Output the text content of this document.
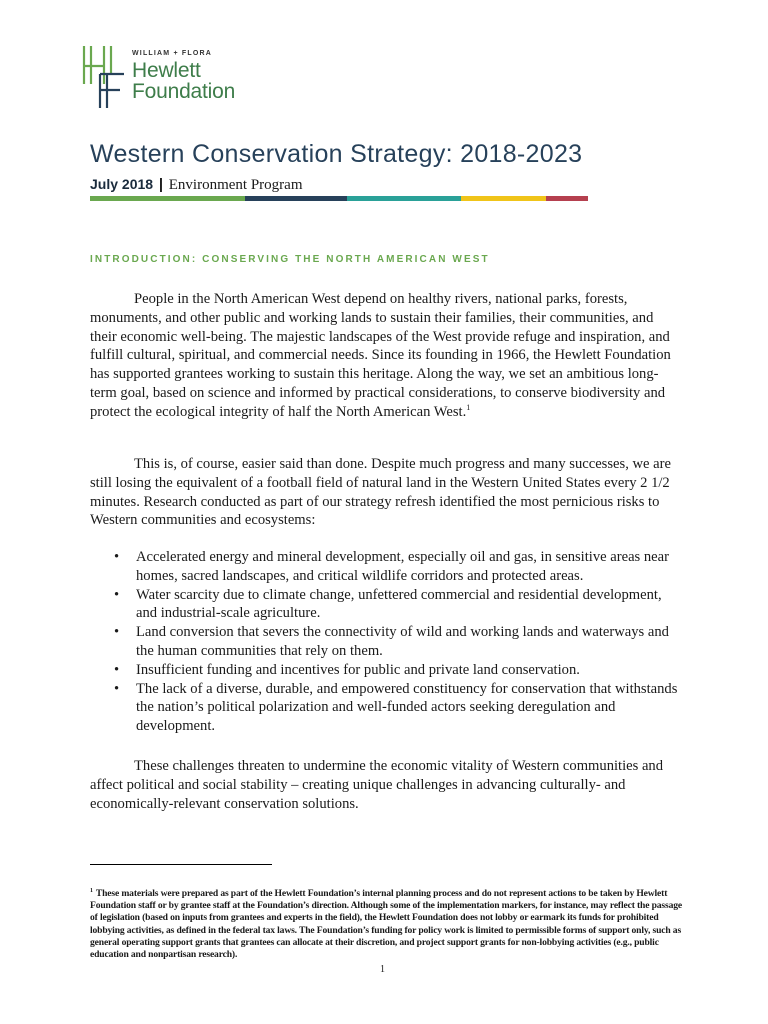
WILLIAM + FLORA
Hewlett
Foundation
Western Conservation Strategy: 2018-2023
July 2018 | Environment Program
INTRODUCTION: CONSERVING THE NORTH AMERICAN WEST

People in the North American West depend on healthy rivers, national parks, forests, monuments, and other public and working lands to sustain their families, their communities, and their economic well-being. The majestic landscapes of the West provide refuge and inspiration, and fulfill cultural, spiritual, and commercial needs. Since its founding in 1966, the Hewlett Foundation has supported grantees working to sustain this heritage. Along the way, we set an ambitious long-term goal, based on science and informed by practical considerations, to conserve biodiversity and protect the ecological integrity of half the North American West.$^1$

This is, of course, easier said than done. Despite much progress and many successes, we are still losing the equivalent of a football field of natural land in the Western United States every 2 1/2 minutes. Research conducted as part of our strategy refresh identified the most pernicious risks to Western communities and ecosystems:

• Accelerated energy and mineral development, especially oil and gas, in sensitive areas near homes, sacred landscapes, and critical wildlife corridors and protected areas.
• Water scarcity due to climate change, unfettered commercial and residential development, and industrial-scale agriculture.
• Land conversion that severs the connectivity of wild and working lands and waterways and the human communities that rely on them.
• Insufficient funding and incentives for public and private land conservation.
• The lack of a diverse, durable, and empowered constituency for conservation that withstands the nation’s political polarization and well-funded actors seeking deregulation and development.

These challenges threaten to undermine the economic vitality of Western communities and affect political and social stability – creating unique challenges in advancing culturally- and economically-relevant conservation solutions.

$^1$ These materials were prepared as part of the Hewlett Foundation’s internal planning process and do not represent actions to be taken by Hewlett Foundation staff or by grantee staff at the Foundation’s direction. Although some of the implementation markers, for instance, may reflect the passage of legislation (based on inputs from grantees and experts in the field), the Hewlett Foundation does not lobby or earmark its funds for prohibited lobbying activities, as defined in the federal tax laws. The Foundation’s funding for policy work is limited to permissible forms of support only, such as general operating support grants that grantees can allocate at their discretion, and project support grants for non-lobbying activities (e.g., public education and nonpartisan research).

1
